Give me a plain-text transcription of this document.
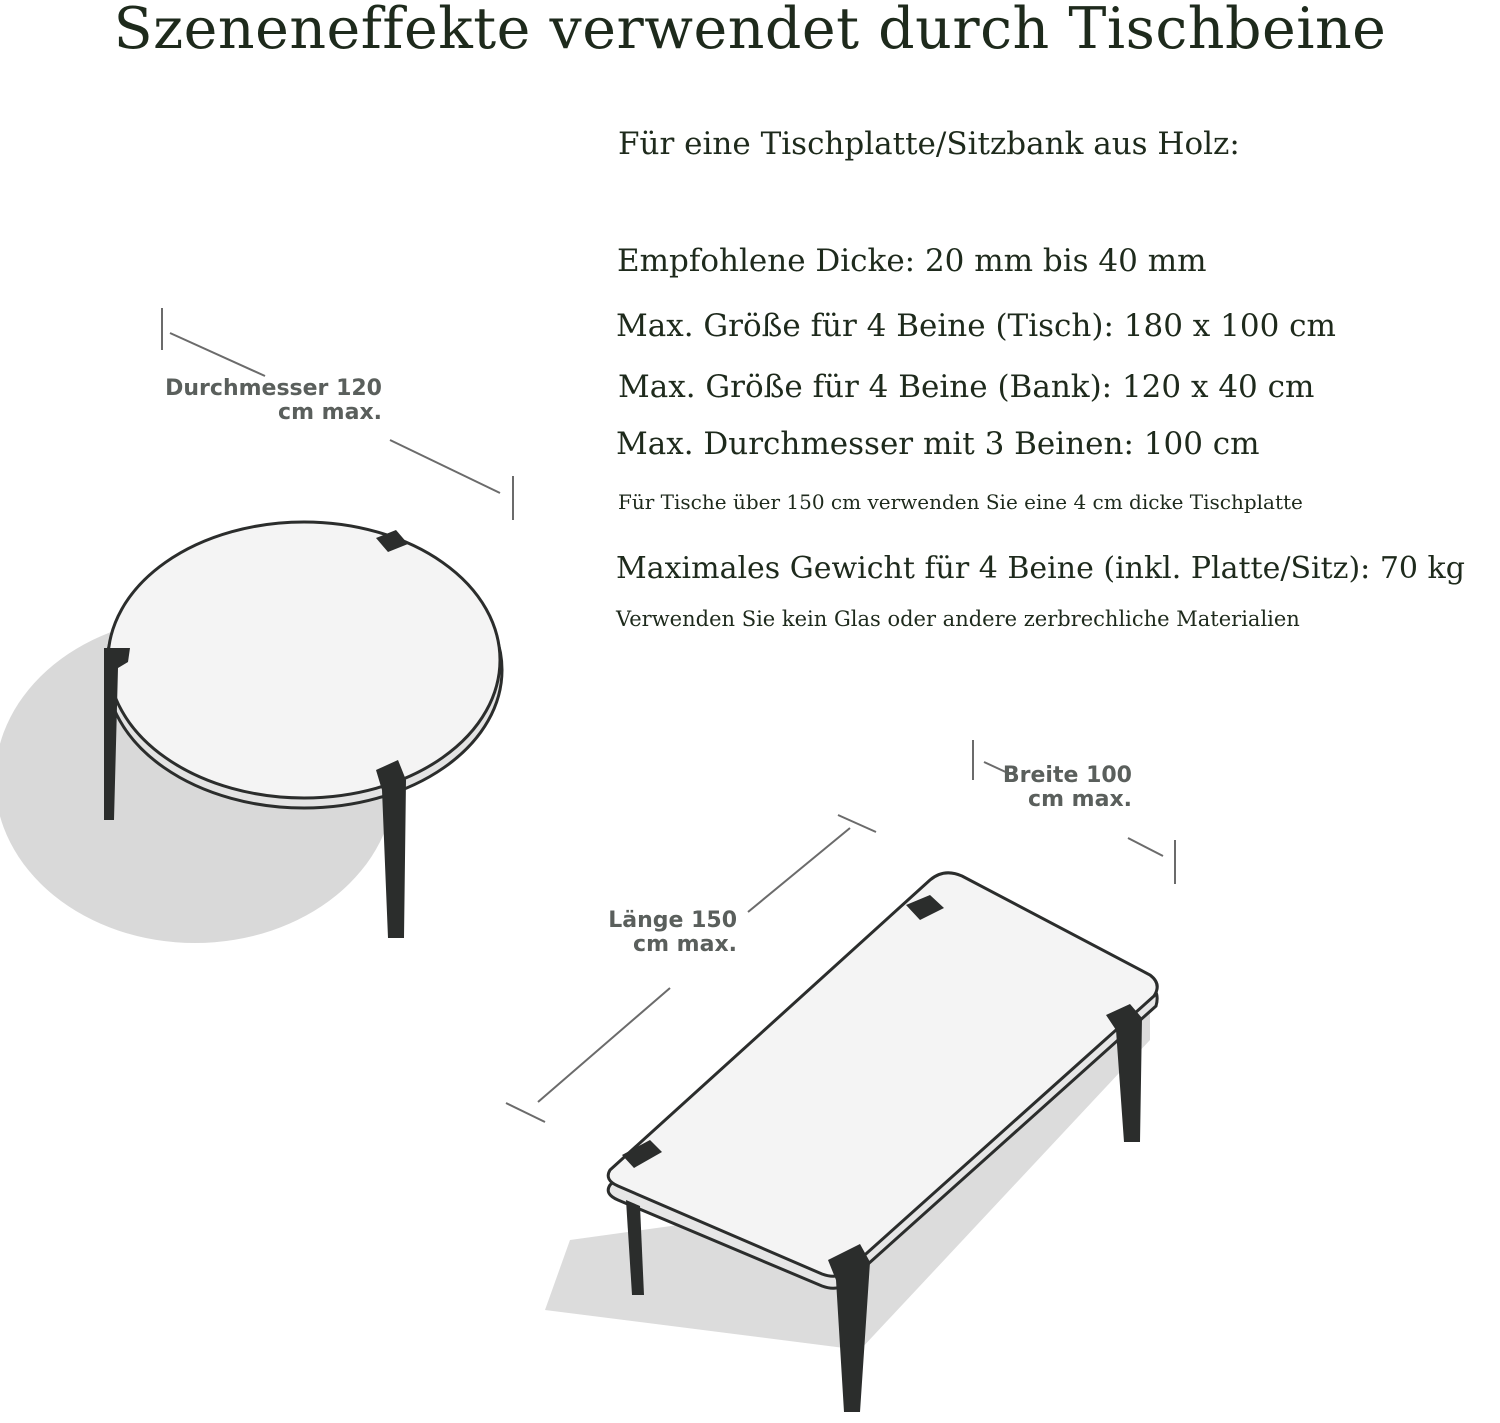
Szeneneffekte verwendet durch Tischbeine
Für eine Tischplatte/Sitzbank aus Holz:
Empfohlene Dicke: 20 mm bis 40 mm
Max. Größe für 4 Beine (Tisch): 180 x 100 cm
Max. Größe für 4 Beine (Bank): 120 x 40 cm
Max. Durchmesser mit 3 Beinen: 100 cm
Für Tische über 150 cm verwenden Sie eine 4 cm dicke Tischplatte
Maximales Gewicht für 4 Beine (inkl. Platte/Sitz): 70 kg
Verwenden Sie kein Glas oder andere zerbrechliche Materialien
Durchmesser 120
cm max.
Breite 100
cm max.
Länge 150
cm max.
